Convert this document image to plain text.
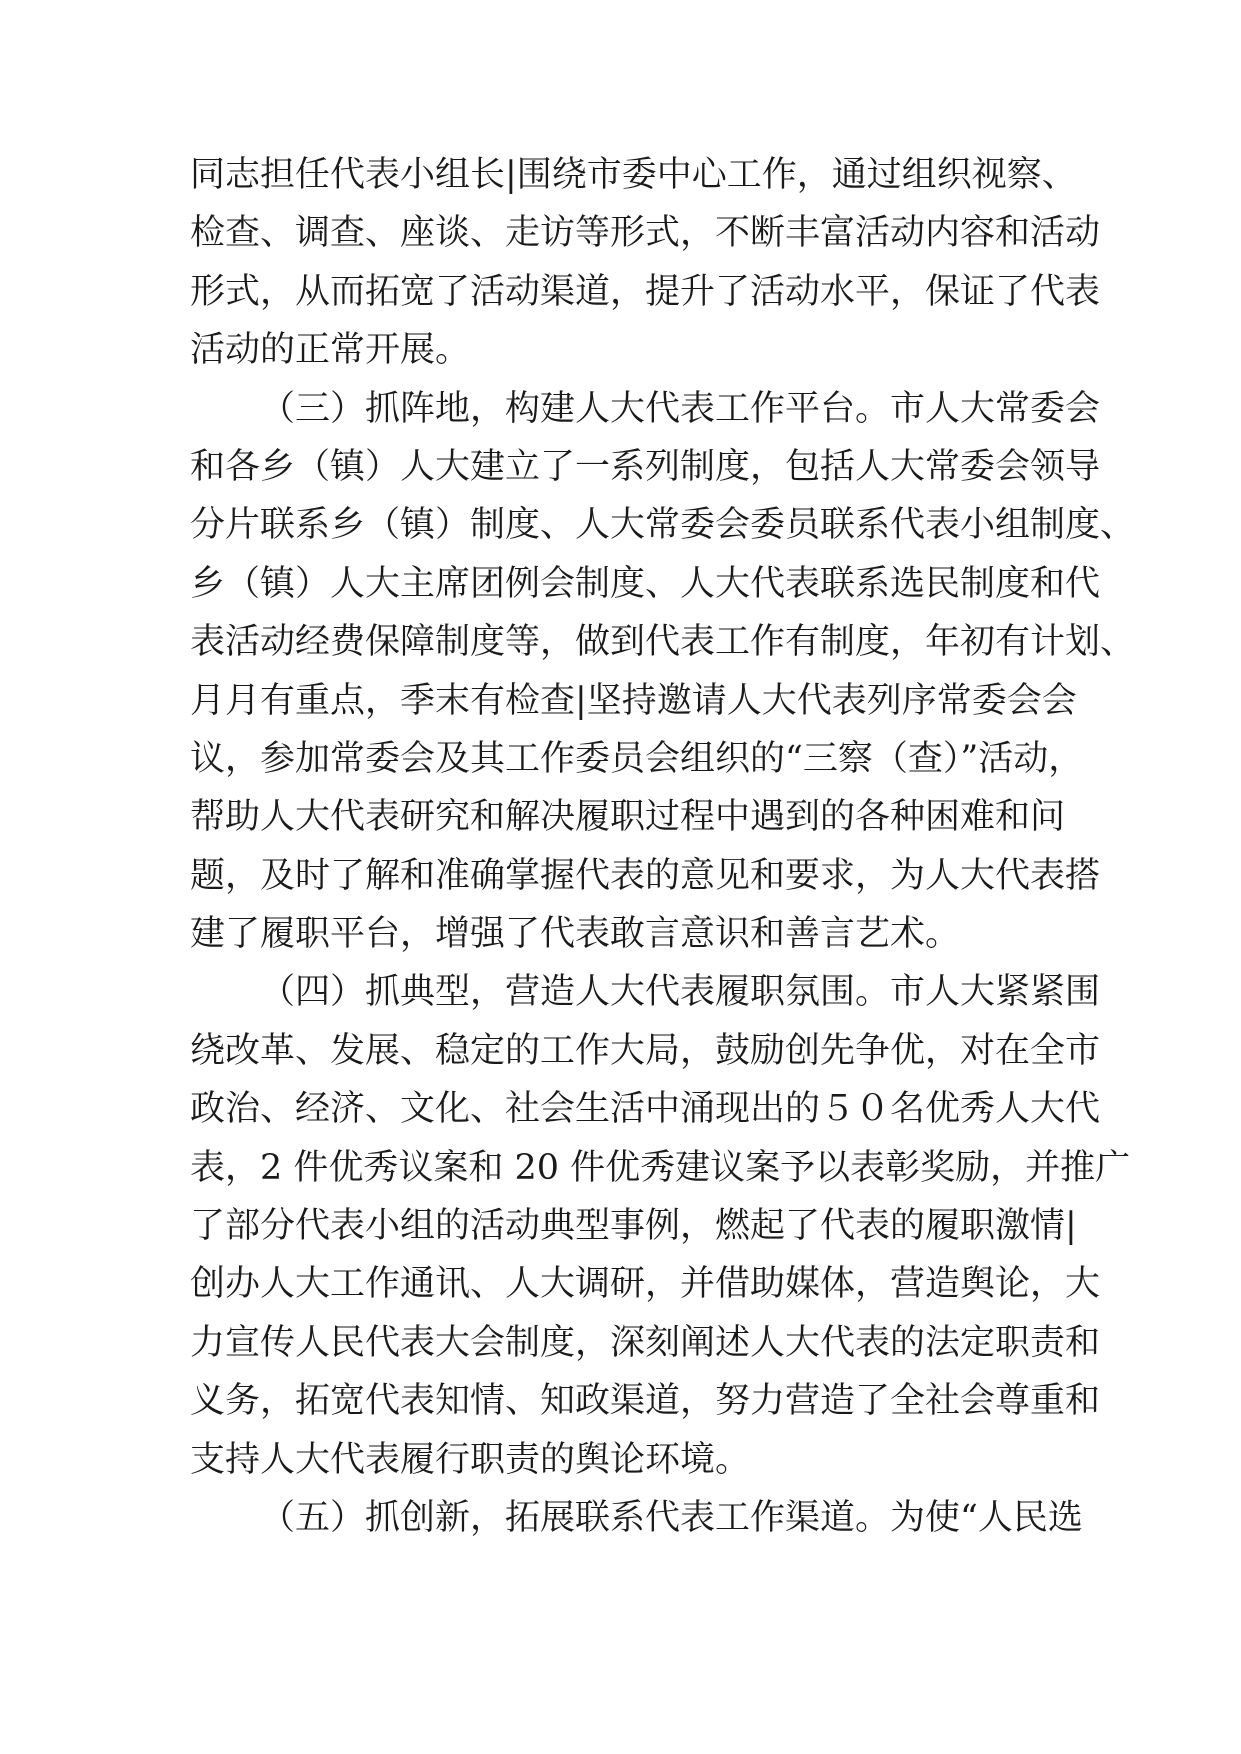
同志担任代表小组长|围绕市委中心工作，通过组织视察、
检查、调查、座谈、走访等形式，不断丰富活动内容和活动
形式，从而拓宽了活动渠道，提升了活动水平，保证了代表
活动的正常开展。
（三）抓阵地，构建人大代表工作平台。市人大常委会
和各乡（镇）人大建立了一系列制度，包括人大常委会领导
分片联系乡（镇）制度、人大常委会委员联系代表小组制度、
乡（镇）人大主席团例会制度、人大代表联系选民制度和代
表活动经费保障制度等，做到代表工作有制度，年初有计划、
月月有重点，季末有检查|坚持邀请人大代表列序常委会会
议，参加常委会及其工作委员会组织的“三察（查）”活动，
帮助人大代表研究和解决履职过程中遇到的各种困难和问
题，及时了解和准确掌握代表的意见和要求，为人大代表搭
建了履职平台，增强了代表敢言意识和善言艺术。
（四）抓典型，营造人大代表履职氛围。市人大紧紧围
绕改革、发展、稳定的工作大局，鼓励创先争优，对在全市
政治、经济、文化、社会生活中涌现出的５０名优秀人大代
表，2 件优秀议案和 20 件优秀建议案予以表彰奖励，并推广
了部分代表小组的活动典型事例，燃起了代表的履职激情|
创办人大工作通讯、人大调研，并借助媒体，营造舆论，大
力宣传人民代表大会制度，深刻阐述人大代表的法定职责和
义务，拓宽代表知情、知政渠道，努力营造了全社会尊重和
支持人大代表履行职责的舆论环境。
（五）抓创新，拓展联系代表工作渠道。为使“人民选
